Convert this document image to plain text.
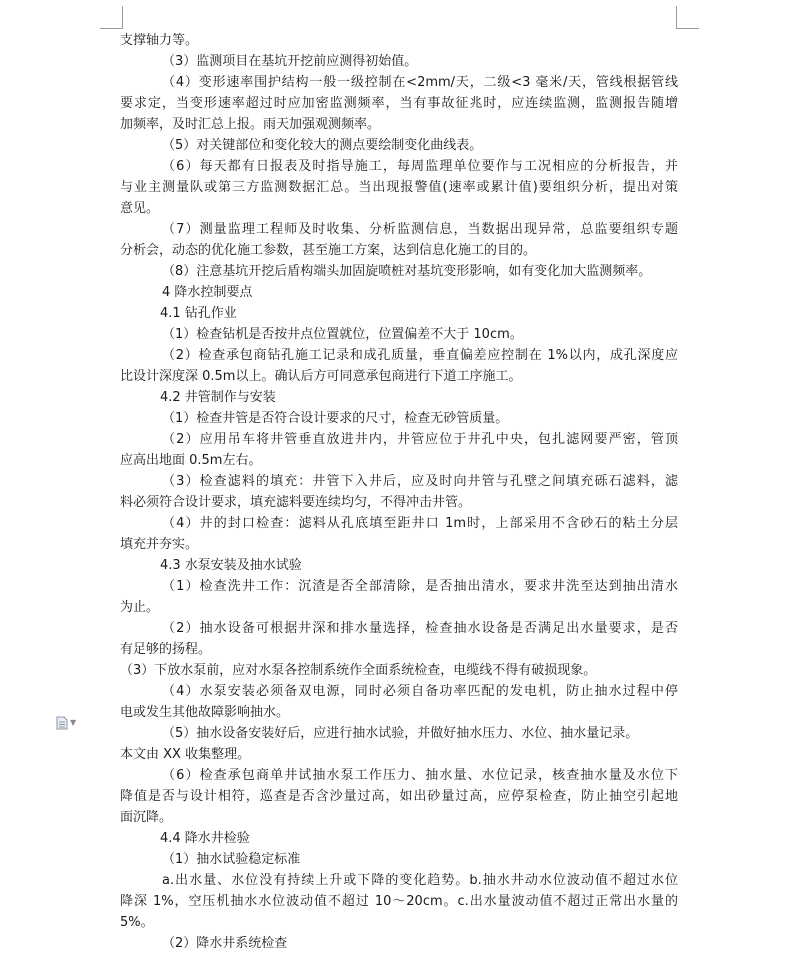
▼
支撑轴力等。
（3）监测项目在基坑开挖前应测得初始值。
（4）变形速率围护结构一般一级控制在<2mm/天，二级<3 毫米/天，管线根据管线
要求定，当变形速率超过时应加密监测频率，当有事故征兆时，应连续监测，监测报告随增
加频率，及时汇总上报。雨天加强观测频率。
（5）对关键部位和变化较大的测点要绘制变化曲线表。
（6）每天都有日报表及时指导施工，每周监理单位要作与工况相应的分析报告，并
与业主测量队或第三方监测数据汇总。当出现报警值(速率或累计值)要组织分析，提出对策
意见。
（7）测量监理工程师及时收集、分析监测信息，当数据出现异常，总监要组织专题
分析会，动态的优化施工参数，甚至施工方案，达到信息化施工的目的。
（8）注意基坑开挖后盾构端头加固旋喷桩对基坑变形影响，如有变化加大监测频率。
4 降水控制要点
4.1 钻孔作业
（1）检查钻机是否按井点位置就位，位置偏差不大于 10cm。
（2）检查承包商钻孔施工记录和成孔质量，垂直偏差应控制在 1%以内，成孔深度应
比设计深度深 0.5m以上。确认后方可同意承包商进行下道工序施工。
4.2 井管制作与安装
（1）检查井管是否符合设计要求的尺寸，检查无砂管质量。
（2）应用吊车将井管垂直放进井内，井管应位于井孔中央，包扎滤网要严密，管顶
应高出地面 0.5m左右。
（3）检查滤料的填充：井管下入井后，应及时向井管与孔壁之间填充砾石滤料，滤
料必须符合设计要求，填充滤料要连续均匀，不得冲击井管。
（4）井的封口检查：滤料从孔底填至距井口 1m时，上部采用不含砂石的粘土分层
填充并夯实。
4.3 水泵安装及抽水试验
（1）检查洗井工作：沉渣是否全部清除，是否抽出清水，要求井洗至达到抽出清水
为止。
（2）抽水设备可根据井深和排水量选择，检查抽水设备是否满足出水量要求，是否
有足够的扬程。
（3）下放水泵前，应对水泵各控制系统作全面系统检查，电缆线不得有破损现象。
（4）水泵安装必须备双电源，同时必须自备功率匹配的发电机，防止抽水过程中停
电或发生其他故障影响抽水。
（5）抽水设备安装好后，应进行抽水试验，并做好抽水压力、水位、抽水量记录。
本文由 XX 收集整理。
（6）检查承包商单井试抽水泵工作压力、抽水量、水位记录，核查抽水量及水位下
降值是否与设计相符，巡查是否含沙量过高，如出砂量过高，应停泵检查，防止抽空引起地
面沉降。
4.4 降水井检验
（1）抽水试验稳定标准
a.出水量、水位没有持续上升或下降的变化趋势。b.抽水井动水位波动值不超过水位
降深 1%，空压机抽水水位波动值不超过 10～20cm。c.出水量波动值不超过正常出水量的
5%。
（2）降水井系统检查
